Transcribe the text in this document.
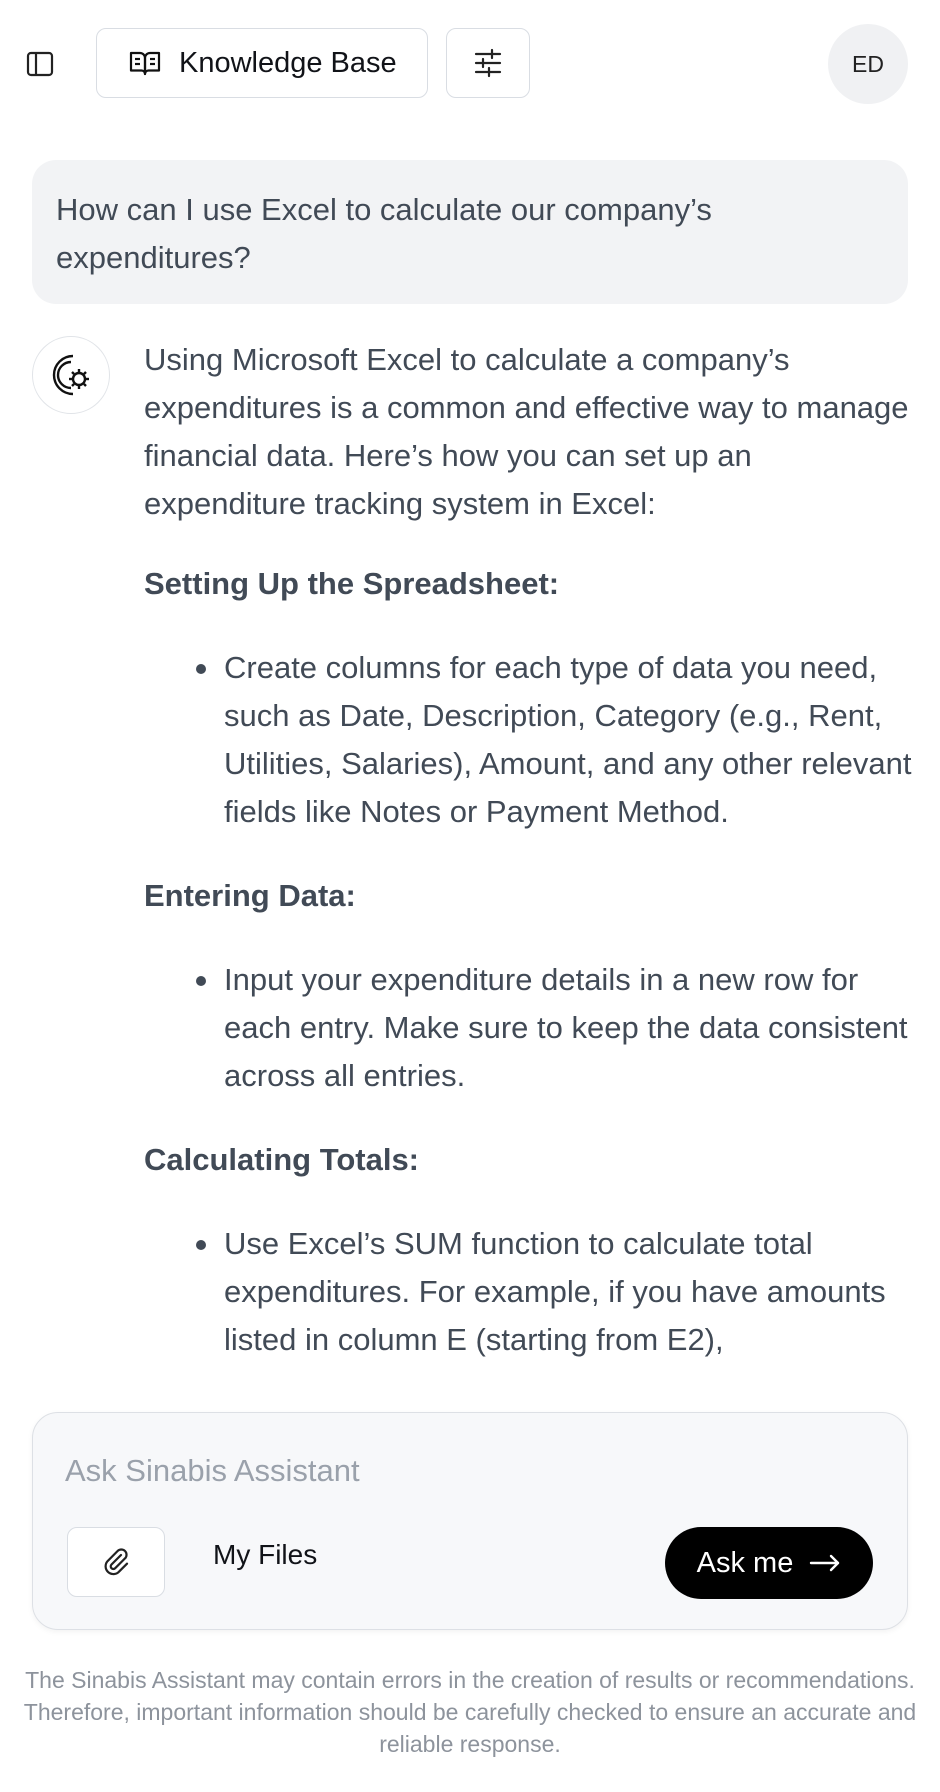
Knowledge Base	ED
How can I use Excel to calculate our company’s expenditures?

Using Microsoft Excel to calculate a company’s expenditures is a common and effective way to manage financial data. Here’s how you can set up an expenditure tracking system in Excel:

Setting Up the Spreadsheet:

Create columns for each type of data you need, such as Date, Description, Category (e.g., Rent, Utilities, Salaries), Amount, and any other relevant fields like Notes or Payment Method.

Entering Data:

Input your expenditure details in a new row for each entry. Make sure to keep the data consistent across all entries.

Calculating Totals:

Use Excel’s SUM function to calculate total expenditures. For example, if you have amounts listed in column E (starting from E2),

Ask Sinabis Assistant
My Files	Ask me
The Sinabis Assistant may contain errors in the creation of results or recommendations. Therefore, important information should be carefully checked to ensure an accurate and reliable response.
